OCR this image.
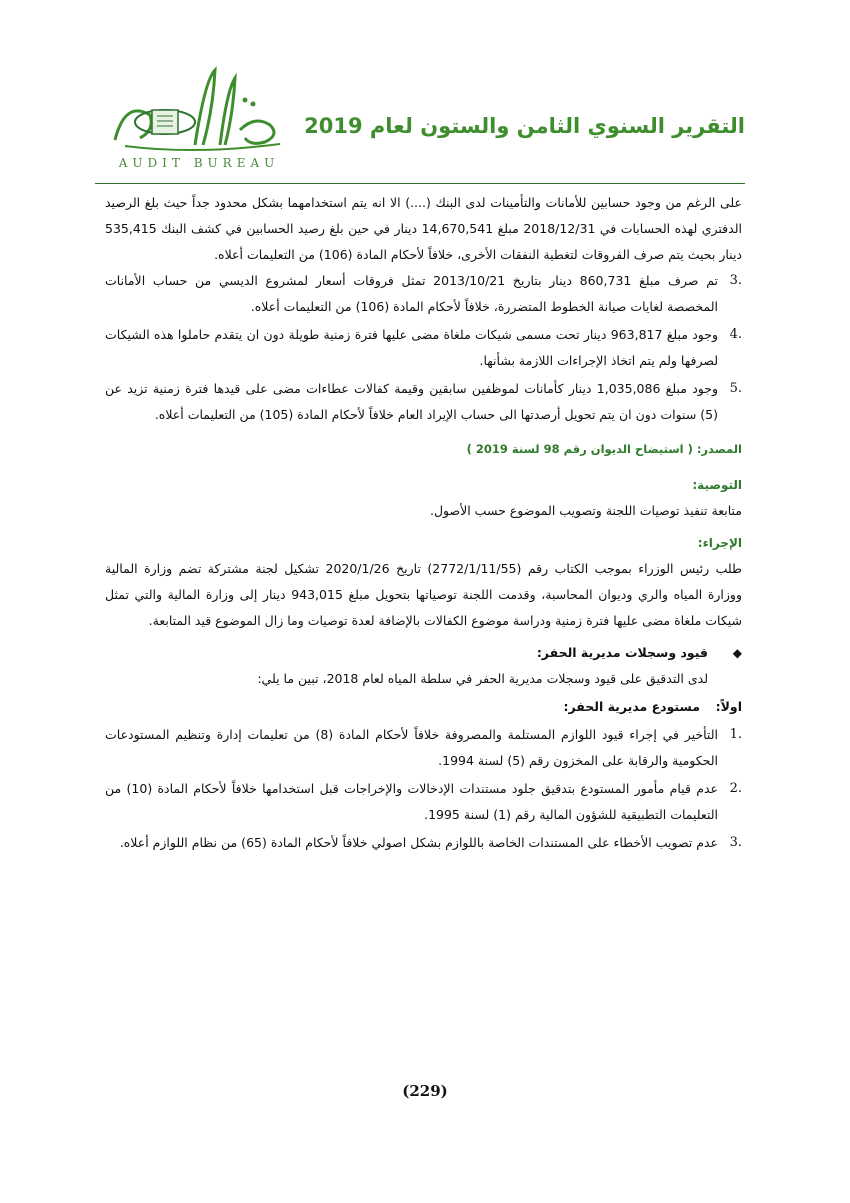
AUDIT BUREAU
التقرير السنوي الثامن والستون لعام 2019

على الرغم من وجود حسابين للأمانات والتأمينات لدى البنك (....) الا انه يتم استخدامهما بشكل محدود جداً حيث بلغ الرصيد الدفتري لهذه الحسابات في 2018/12/31 مبلغ 14,670,541 دينار في حين بلغ رصيد الحسابين في كشف البنك 535,415 دينار بحيث يتم صرف الفروقات لتغطية النفقات الأخرى، خلافاً لأحكام المادة (106) من التعليمات أعلاه.

.3
تم صرف مبلغ 860,731 دينار بتاريخ 2013/10/21 تمثل فروقات أسعار لمشروع الديسي من حساب الأمانات المخصصة لغايات صيانة الخطوط المتضررة، خلافاً لأحكام المادة (106) من التعليمات أعلاه.
.4
وجود مبلغ 963,817 دينار تحت مسمى شيكات ملغاة مضى عليها فترة زمنية طويلة دون ان يتقدم حاملوا هذه الشيكات لصرفها ولم يتم اتخاذ الإجراءات اللازمة بشأنها.
.5
وجود مبلغ 1,035,086 دينار كأمانات لموظفين سابقين وقيمة كفالات عطاءات مضى على قيدها فترة زمنية تزيد عن (5) سنوات دون ان يتم تحويل أرصدتها الى حساب الإيراد العام خلافاً لأحكام المادة (105) من التعليمات أعلاه.
المصدر: ( استيضاح الديوان رقم 98 لسنة 2019 )
التوصية:

متابعة تنفيذ توصيات اللجنة وتصويب الموضوع حسب الأصول.

الإجراء:

طلب رئيس الوزراء بموجب الكتاب رقم (2772/1/11/55) تاريخ 2020/1/26 تشكيل لجنة مشتركة تضم وزارة المالية ووزارة المياه والري وديوان المحاسبة، وقدمت اللجنة توصياتها بتحويل مبلغ 943,015 دينار إلى وزارة المالية والتي تمثل شيكات ملغاة مضى عليها فترة زمنية ودراسة موضوع الكفالات بالإضافة لعدة توصيات وما زال الموضوع قيد المتابعة.

◆
قيود وسجلات مديرية الحفر:

لدى التدقيق على قيود وسجلات مديرية الحفر في سلطة المياه لعام 2018، تبين ما يلي:

اولاً:
مستودع مديرية الحفر:
.1
التأخير في إجراء قيود اللوازم المستلمة والمصروفة خلافاً لأحكام المادة (8) من تعليمات إدارة وتنظيم المستودعات الحكومية والرقابة على المخزون رقم (5) لسنة 1994.
.2
عدم قيام مأمور المستودع بتدقيق جلود مستندات الإدخالات والإخراجات قبل استخدامها خلافاً لأحكام المادة (10) من التعليمات التطبيقية للشؤون المالية رقم (1) لسنة 1995.
.3
عدم تصويب الأخطاء على المستندات الخاصة باللوازم بشكل اصولي خلافاً لأحكام المادة (65) من نظام اللوازم أعلاه.
(229)
